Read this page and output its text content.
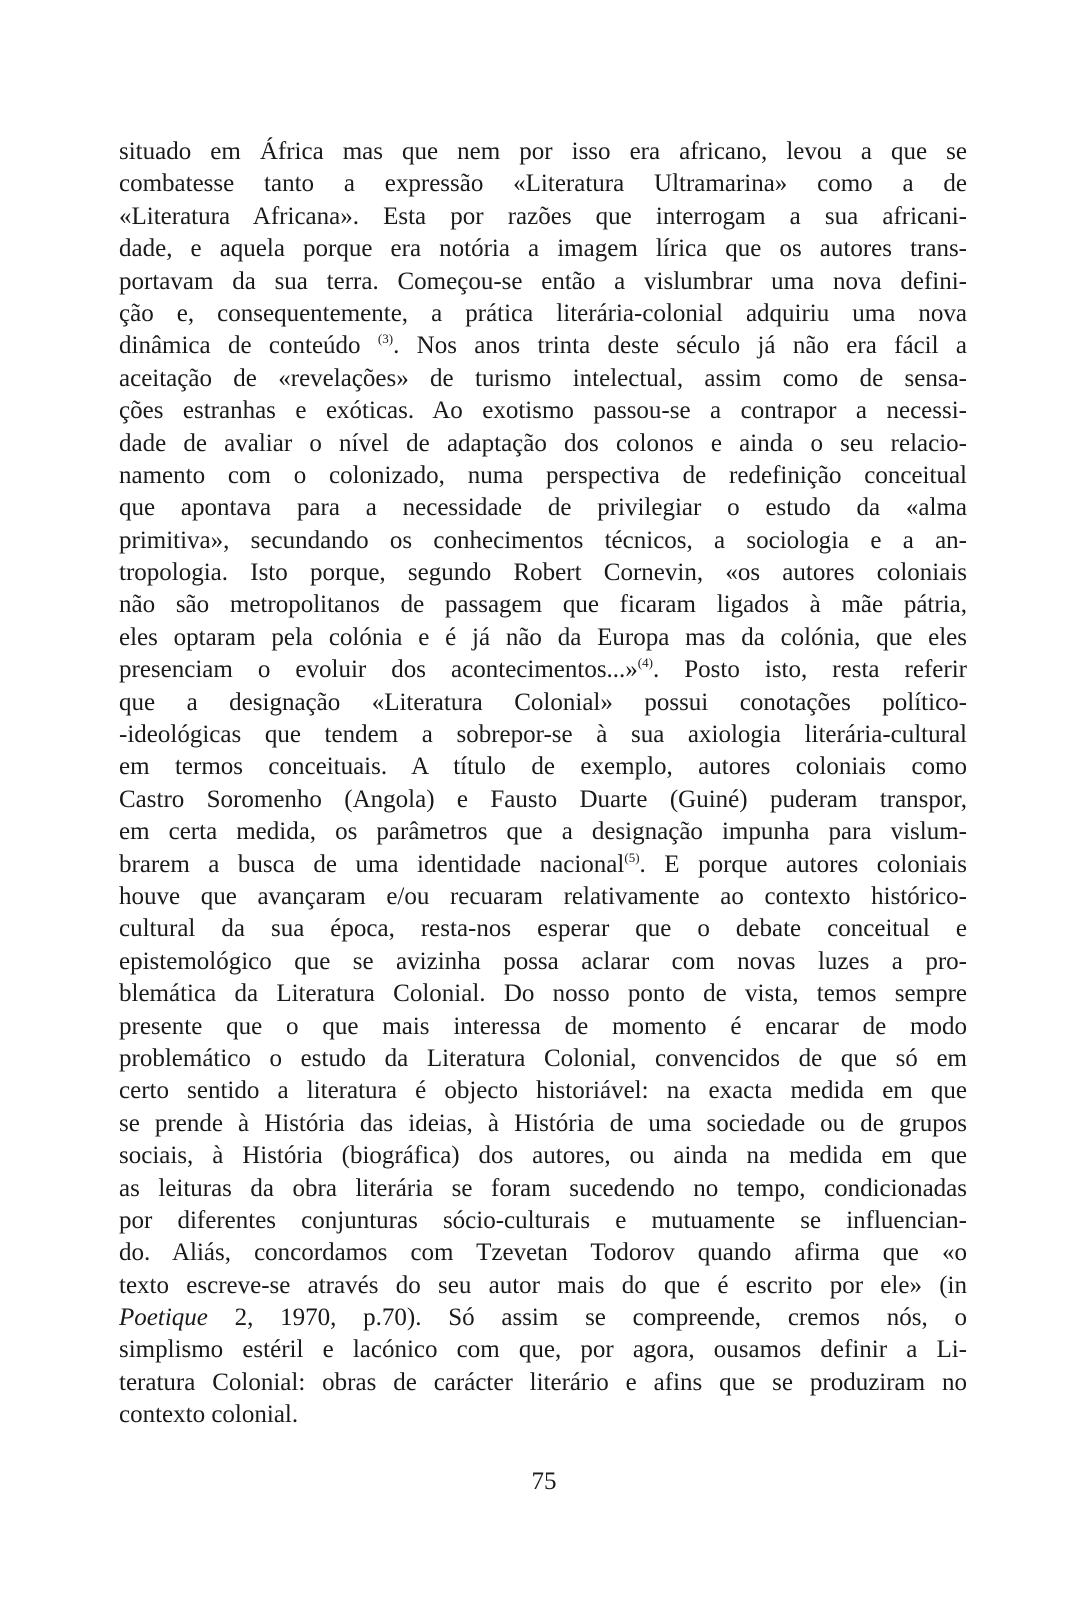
situado em África mas que nem por isso era africano, levou a que se
combatesse tanto a expressão «Literatura Ultramarina» como a de
«Literatura Africana». Esta por razões que interrogam a sua africani-
dade, e aquela porque era notória a imagem lírica que os autores trans-
portavam da sua terra. Começou-se então a vislumbrar uma nova defini-
ção e, consequentemente, a prática literária-colonial adquiriu uma nova
dinâmica de conteúdo $^{(3)}$. Nos anos trinta deste século já não era fácil a
aceitação de «revelações» de turismo intelectual, assim como de sensa-
ções estranhas e exóticas. Ao exotismo passou-se a contrapor a necessi-
dade de avaliar o nível de adaptação dos colonos e ainda o seu relacio-
namento com o colonizado, numa perspectiva de redefinição conceitual
que apontava para a necessidade de privilegiar o estudo da «alma
primitiva», secundando os conhecimentos técnicos, a sociologia e a an-
tropologia. Isto porque, segundo Robert Cornevin, «os autores coloniais
não são metropolitanos de passagem que ficaram ligados à mãe pátria,
eles optaram pela colónia e é já não da Europa mas da colónia, que eles
presenciam o evoluir dos acontecimentos...»$^{(4)}$. Posto isto, resta referir
que a designação «Literatura Colonial» possui conotações político-
-ideológicas que tendem a sobrepor-se à sua axiologia literária-cultural
em termos conceituais. A título de exemplo, autores coloniais como
Castro Soromenho (Angola) e Fausto Duarte (Guiné) puderam transpor,
em certa medida, os parâmetros que a designação impunha para vislum-
brarem a busca de uma identidade nacional$^{(5)}$. E porque autores coloniais
houve que avançaram e/ou recuaram relativamente ao contexto histórico-
cultural da sua época, resta-nos esperar que o debate conceitual e
epistemológico que se avizinha possa aclarar com novas luzes a pro-
blemática da Literatura Colonial. Do nosso ponto de vista, temos sempre
presente que o que mais interessa de momento é encarar de modo
problemático o estudo da Literatura Colonial, convencidos de que só em
certo sentido a literatura é objecto historiável: na exacta medida em que
se prende à História das ideias, à História de uma sociedade ou de grupos
sociais, à História (biográfica) dos autores, ou ainda na medida em que
as leituras da obra literária se foram sucedendo no tempo, condicionadas
por diferentes conjunturas sócio-culturais e mutuamente se influencian-
do. Aliás, concordamos com Tzevetan Todorov quando afirma que «o
texto escreve-se através do seu autor mais do que é escrito por ele» (in
Poetique 2, 1970, p.70). Só assim se compreende, cremos nós, o
simplismo estéril e lacónico com que, por agora, ousamos definir a Li-
teratura Colonial: obras de carácter literário e afins que se produziram no
contexto colonial.
75
